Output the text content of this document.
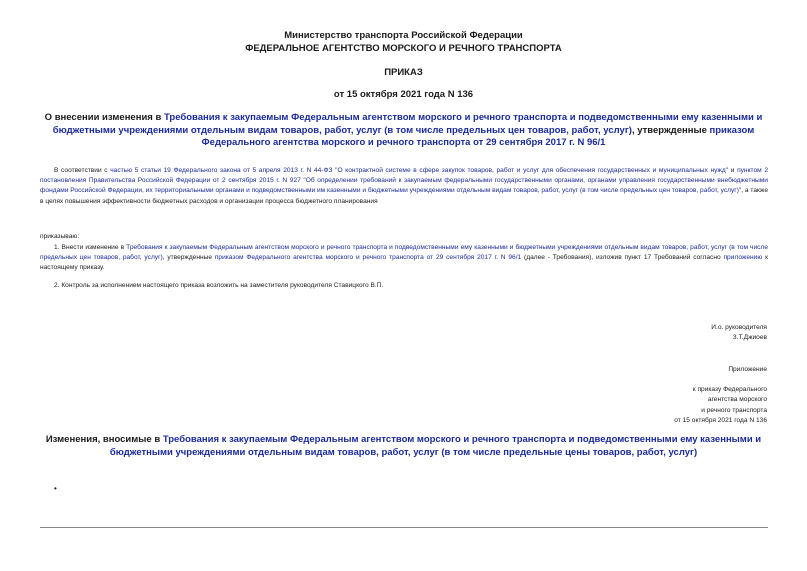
Министерство транспорта Российской Федерации
ФЕДЕРАЛЬНОЕ АГЕНТСТВО МОРСКОГО И РЕЧНОГО ТРАНСПОРТА
ПРИКАЗ
от 15 октября 2021 года N 136
О внесении изменения в Требования к закупаемым Федеральным агентством морского и речного транспорта и подведомственными ему казенными и бюджетными учреждениями отдельным видам товаров, работ, услуг (в том числе предельных цен товаров, работ, услуг), утвержденные приказом Федерального агентства морского и речного транспорта от 29 сентября 2017 г. N 96/1
В соответствии с частью 5 статьи 19 Федерального закона от 5 апреля 2013 г. N 44-ФЗ "О контрактной системе в сфере закупок товаров, работ и услуг для обеспечения государственных и муниципальных нужд" и пунктом 2 постановления Правительства Российской Федерации от 2 сентября 2015 г. N 927 "Об определении требований к закупаемым федеральными государственными органами, органами управления государственными внебюджетными фондами Российской Федерации, их территориальными органами и подведомственными им казенными и бюджетными учреждениями отдельным видам товаров, работ, услуг (в том числе предельных цен товаров, работ, услуг)", а также в целях повышения эффективности бюджетных расходов и организации процесса бюджетного планирования
приказываю:
1. Внести изменение в Требования к закупаемым Федеральным агентством морского и речного транспорта и подведомственными ему казенными и бюджетными учреждениями отдельным видам товаров, работ, услуг (в том числе предельных цен товаров, работ, услуг), утвержденные приказом Федерального агентства морского и речного транспорта от 29 сентября 2017 г. N 96/1 (далее - Требования), изложив пункт 17 Требований согласно приложению к настоящему приказу.
2. Контроль за исполнением настоящего приказа возложить на заместителя руководителя Ставицкого В.П.
И.о. руководителя
З.Т.Джиоев
Приложение
к приказу Федерального
агентства морского
и речного транспорта
от 15 октября 2021 года N 136
Изменения, вносимые в Требования к закупаемым Федеральным агентством морского и речного транспорта и подведомственными ему казенными и бюджетными учреждениями отдельным видам товаров, работ, услуг (в том числе предельные цены товаров, работ, услуг)
•
